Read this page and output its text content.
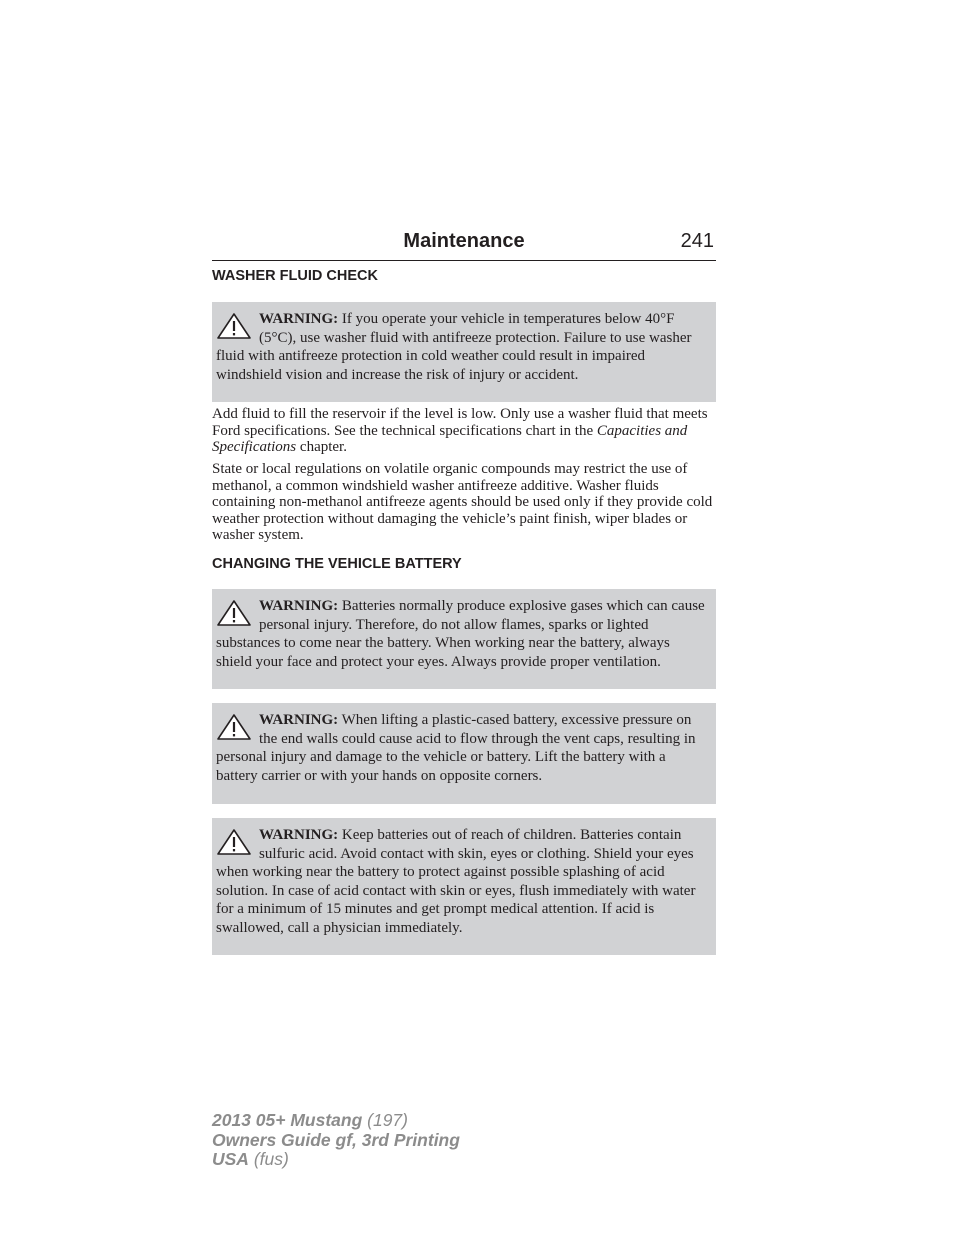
Maintenance	241
WASHER FLUID CHECK
WARNING: If you operate your vehicle in temperatures below 40°F (5°C), use washer fluid with antifreeze protection. Failure to use washer fluid with antifreeze protection in cold weather could result in impaired windshield vision and increase the risk of injury or accident.

Add fluid to fill the reservoir if the level is low. Only use a washer fluid that meets Ford specifications. See the technical specifications chart in the Capacities and Specifications chapter.

State or local regulations on volatile organic compounds may restrict the use of methanol, a common windshield washer antifreeze additive. Washer fluids containing non-methanol antifreeze agents should be used only if they provide cold weather protection without damaging the vehicle’s paint finish, wiper blades or washer system.

CHANGING THE VEHICLE BATTERY
WARNING: Batteries normally produce explosive gases which can cause personal injury. Therefore, do not allow flames, sparks or lighted substances to come near the battery. When working near the battery, always shield your face and protect your eyes. Always provide proper ventilation.
WARNING: When lifting a plastic-cased battery, excessive pressure on the end walls could cause acid to flow through the vent caps, resulting in personal injury and damage to the vehicle or battery. Lift the battery with a battery carrier or with your hands on opposite corners.
WARNING: Keep batteries out of reach of children. Batteries contain sulfuric acid. Avoid contact with skin, eyes or clothing. Shield your eyes when working near the battery to protect against possible splashing of acid solution. In case of acid contact with skin or eyes, flush immediately with water for a minimum of 15 minutes and get prompt medical attention. If acid is swallowed, call a physician immediately.
2013 05+ Mustang (197)
Owners Guide gf, 3rd Printing
USA (fus)
